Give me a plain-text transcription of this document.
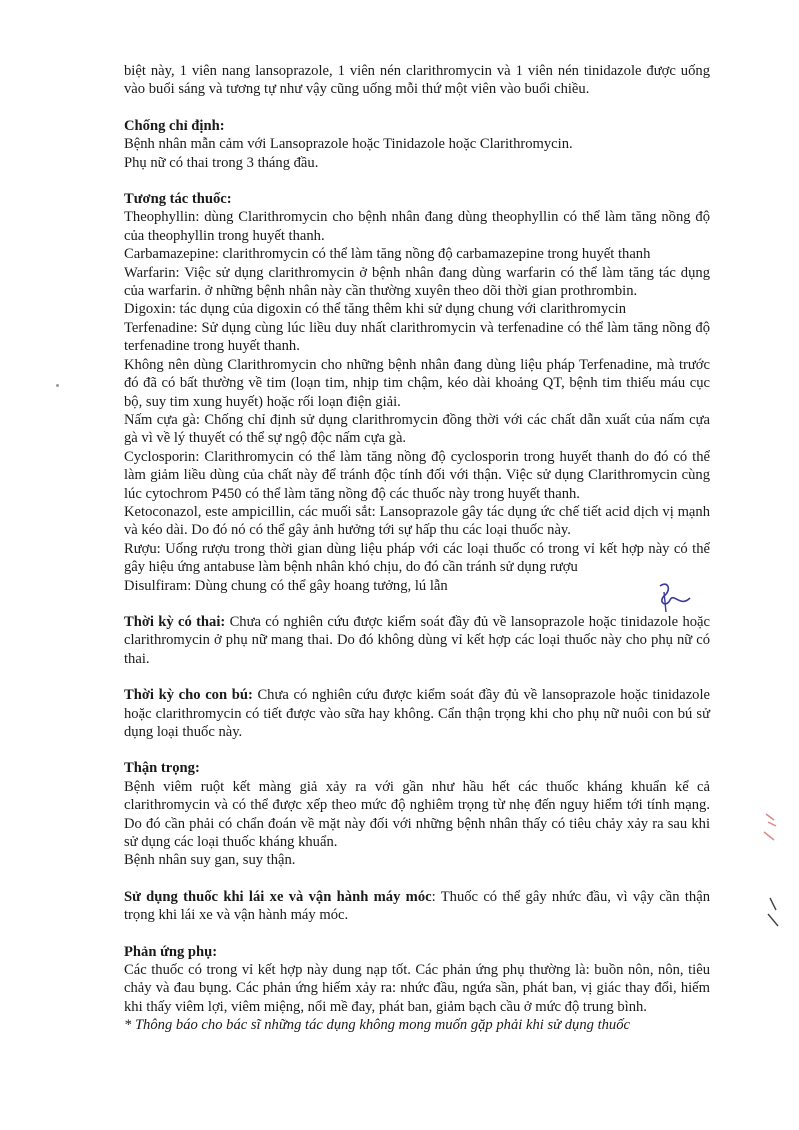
biệt này, 1 viên nang lansoprazole, 1 viên nén clarithromycin và 1 viên nén tinidazole được uống vào buổi sáng và tương tự như vậy cũng uống mỗi thứ một viên vào buổi chiều.

Chống chỉ định:

Bệnh nhân mẫn cảm với Lansoprazole hoặc Tinidazole hoặc Clarithromycin.

Phụ nữ có thai trong 3 tháng đầu.

Tương tác thuốc:

Theophyllin: dùng Clarithromycin cho bệnh nhân đang dùng theophyllin có thể làm tăng nồng độ của theophyllin trong huyết thanh.

Carbamazepine: clarithromycin có thể làm tăng nồng độ carbamazepine trong huyết thanh

Warfarin: Việc sử dụng clarithromycin ở bệnh nhân đang dùng warfarin có thể làm tăng tác dụng của warfarin. ở những bệnh nhân này cần thường xuyên theo dõi thời gian prothrombin.

Digoxin: tác dụng của digoxin có thể tăng thêm khi sử dụng chung với clarithromycin

Terfenadine: Sử dụng cùng lúc liều duy nhất clarithromycin và terfenadine có thể làm tăng nồng độ terfenadine trong huyết thanh.

Không nên dùng Clarithromycin cho những bệnh nhân đang dùng liệu pháp Terfenadine, mà trước đó đã có bất thường về tim (loạn tim, nhịp tim chậm, kéo dài khoảng QT, bệnh tim thiếu máu cục bộ, suy tim xung huyết) hoặc rối loạn điện giải.

Nấm cựa gà: Chống chỉ định sử dụng clarithromycin đồng thời với các chất dẫn xuất của nấm cựa gà vì về lý thuyết có thể sự ngộ độc nấm cựa gà.

Cyclosporin: Clarithromycin có thể làm tăng nồng độ cyclosporin trong huyết thanh do đó có thể làm giảm liều dùng của chất này để tránh độc tính đối với thận. Việc sử dụng Clarithromycin cùng lúc cytochrom P450 có thể làm tăng nồng độ các thuốc này trong huyết thanh.

Ketoconazol, este ampicillin, các muối sắt: Lansoprazole gây tác dụng ức chế tiết acid dịch vị mạnh và kéo dài. Do đó nó có thể gây ảnh hưởng tới sự hấp thu các loại thuốc này.

Rượu: Uống rượu trong thời gian dùng liệu pháp với các loại thuốc có trong vỉ kết hợp này có thể gây hiệu ứng antabuse làm bệnh nhân khó chịu, do đó cần tránh sử dụng rượu

Disulfiram: Dùng chung có thể gây hoang tưởng, lú lẫn

Thời kỳ có thai: Chưa có nghiên cứu được kiểm soát đầy đủ về lansoprazole hoặc tinidazole hoặc clarithromycin ở phụ nữ mang thai. Do đó không dùng vỉ kết hợp các loại thuốc này cho phụ nữ có thai.

Thời kỳ cho con bú: Chưa có nghiên cứu được kiểm soát đầy đủ về lansoprazole hoặc tinidazole hoặc clarithromycin có tiết được vào sữa hay không. Cẩn thận trọng khi cho phụ nữ nuôi con bú sử dụng loại thuốc này.

Thận trọng:

Bệnh viêm ruột kết màng giả xảy ra với gần như hầu hết các thuốc kháng khuẩn kể cả clarithromycin và có thể được xếp theo mức độ nghiêm trọng từ nhẹ đến nguy hiểm tới tính mạng. Do đó cần phải có chẩn đoán về mặt này đối với những bệnh nhân thấy có tiêu chảy xảy ra sau khi sử dụng các loại thuốc kháng khuẩn.

Bệnh nhân suy gan, suy thận.

Sử dụng thuốc khi lái xe và vận hành máy móc: Thuốc có thể gây nhức đầu, vì vậy cần thận trọng khi lái xe và vận hành máy móc.

Phản ứng phụ:

Các thuốc có trong vỉ kết hợp này dung nạp tốt. Các phản ứng phụ thường là: buồn nôn, nôn, tiêu chảy và đau bụng. Các phản ứng hiếm xảy ra: nhức đầu, ngứa sần, phát ban, vị giác thay đổi, hiếm khi thấy viêm lợi, viêm miệng, nổi mề đay, phát ban, giảm bạch cầu ở mức độ trung bình.

* Thông báo cho bác sĩ những tác dụng không mong muốn gặp phải khi sử dụng thuốc
